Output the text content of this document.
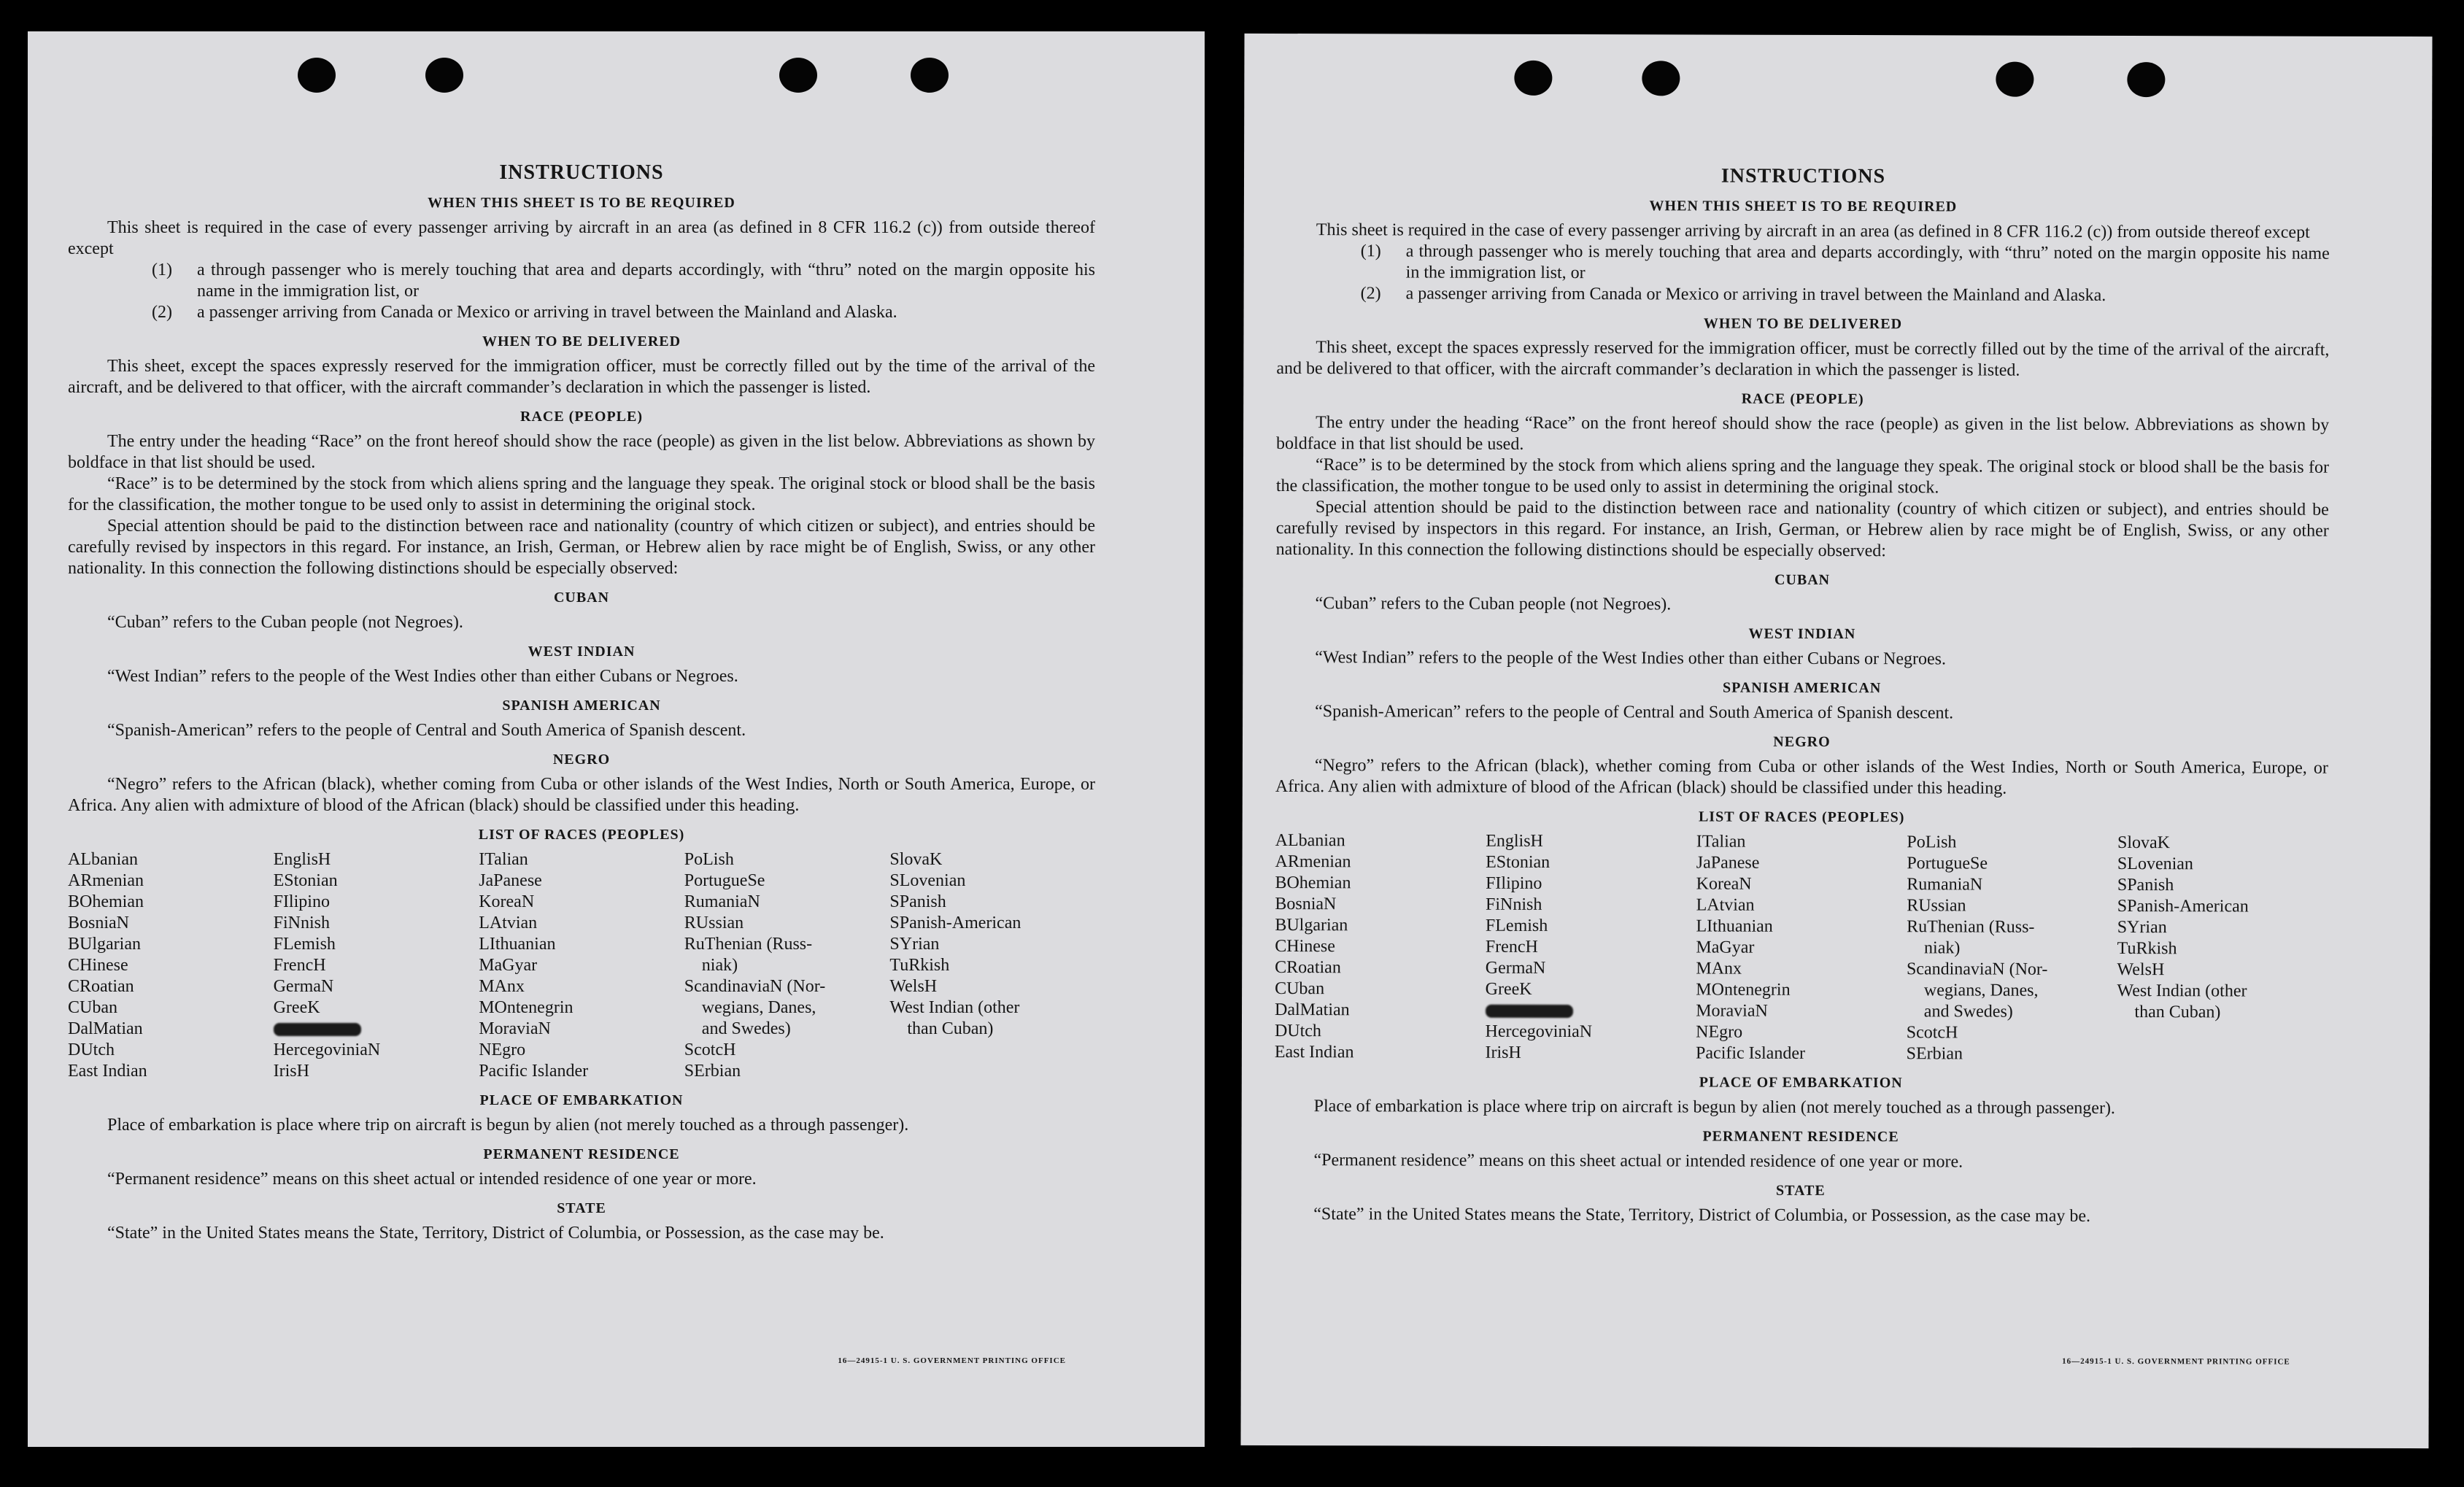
INSTRUCTIONS
WHEN THIS SHEET IS TO BE REQUIRED

This sheet is required in the case of every passenger arriving by aircraft in an area (as defined in 8 CFR 116.2 (c)) from outside thereof except

(1)	a through passenger who is merely touching that area and departs accordingly, with “thru” noted on the margin opposite his name in the immigration list, or
(2)	a passenger arriving from Canada or Mexico or arriving in travel between the Mainland and Alaska.
WHEN TO BE DELIVERED

This sheet, except the spaces expressly reserved for the immigration officer, must be correctly filled out by the time of the arrival of the aircraft, and be delivered to that officer, with the aircraft commander’s declaration in which the passenger is listed.

RACE (PEOPLE)

The entry under the heading “Race” on the front hereof should show the race (people) as given in the list below. Abbreviations as shown by boldface in that list should be used.

“Race” is to be determined by the stock from which aliens spring and the language they speak. The original stock or blood shall be the basis for the classification, the mother tongue to be used only to assist in determining the original stock.

Special attention should be paid to the distinction between race and nationality (country of which citizen or subject), and entries should be carefully revised by inspectors in this regard. For instance, an Irish, German, or Hebrew alien by race might be of English, Swiss, or any other nationality. In this connection the following distinctions should be especially observed:

CUBAN

“Cuban” refers to the Cuban people (not Negroes).

WEST INDIAN

“West Indian” refers to the people of the West Indies other than either Cubans or Negroes.

SPANISH AMERICAN

“Spanish-American” refers to the people of Central and South America of Spanish descent.

NEGRO

“Negro” refers to the African (black), whether coming from Cuba or other islands of the West Indies, North or South America, Europe, or Africa. Any alien with admixture of blood of the African (black) should be classified under this heading.

LIST OF RACES (PEOPLES)
ALbanian
ARmenian
BOhemian
BosniaN
BUlgarian
CHinese
CRoatian
CUban
DalMatian
DUtch
East Indian
EnglisH
EStonian
FIlipino
FiNnish
FLemish
FrencH
GermaN
GreeK
HercegoviniaN
IrisH
ITalian
JaPanese
KoreaN
LAtvian
LIthuanian
MaGyar
MAnx
MOntenegrin
MoraviaN
NEgro
Pacific Islander
PoLish
PortugueSe
RumaniaN
RUssian
RuThenian (Russ-
niak)
ScandinaviaN (Nor-
wegians, Danes,
and Swedes)
ScotcH
SErbian
SlovaK
SLovenian
SPanish
SPanish-American
SYrian
TuRkish
WelsH
West Indian (other
than Cuban)
PLACE OF EMBARKATION

Place of embarkation is place where trip on aircraft is begun by alien (not merely touched as a through passenger).

PERMANENT RESIDENCE

“Permanent residence” means on this sheet actual or intended residence of one year or more.

STATE

“State” in the United States means the State, Territory, District of Columbia, or Possession, as the case may be.

16—24915-1 U. S. GOVERNMENT PRINTING OFFICE
INSTRUCTIONS
WHEN THIS SHEET IS TO BE REQUIRED

This sheet is required in the case of every passenger arriving by aircraft in an area (as defined in 8 CFR 116.2 (c)) from outside thereof except

(1)	a through passenger who is merely touching that area and departs accordingly, with “thru” noted on the margin opposite his name in the immigration list, or
(2)	a passenger arriving from Canada or Mexico or arriving in travel between the Mainland and Alaska.
WHEN TO BE DELIVERED

This sheet, except the spaces expressly reserved for the immigration officer, must be correctly filled out by the time of the arrival of the aircraft, and be delivered to that officer, with the aircraft commander’s declaration in which the passenger is listed.

RACE (PEOPLE)

The entry under the heading “Race” on the front hereof should show the race (people) as given in the list below. Abbreviations as shown by boldface in that list should be used.

“Race” is to be determined by the stock from which aliens spring and the language they speak. The original stock or blood shall be the basis for the classification, the mother tongue to be used only to assist in determining the original stock.

Special attention should be paid to the distinction between race and nationality (country of which citizen or subject), and entries should be carefully revised by inspectors in this regard. For instance, an Irish, German, or Hebrew alien by race might be of English, Swiss, or any other nationality. In this connection the following distinctions should be especially observed:

CUBAN

“Cuban” refers to the Cuban people (not Negroes).

WEST INDIAN

“West Indian” refers to the people of the West Indies other than either Cubans or Negroes.

SPANISH AMERICAN

“Spanish-American” refers to the people of Central and South America of Spanish descent.

NEGRO

“Negro” refers to the African (black), whether coming from Cuba or other islands of the West Indies, North or South America, Europe, or Africa. Any alien with admixture of blood of the African (black) should be classified under this heading.

LIST OF RACES (PEOPLES)
ALbanian
ARmenian
BOhemian
BosniaN
BUlgarian
CHinese
CRoatian
CUban
DalMatian
DUtch
East Indian
EnglisH
EStonian
FIlipino
FiNnish
FLemish
FrencH
GermaN
GreeK
HercegoviniaN
IrisH
ITalian
JaPanese
KoreaN
LAtvian
LIthuanian
MaGyar
MAnx
MOntenegrin
MoraviaN
NEgro
Pacific Islander
PoLish
PortugueSe
RumaniaN
RUssian
RuThenian (Russ-
niak)
ScandinaviaN (Nor-
wegians, Danes,
and Swedes)
ScotcH
SErbian
SlovaK
SLovenian
SPanish
SPanish-American
SYrian
TuRkish
WelsH
West Indian (other
than Cuban)
PLACE OF EMBARKATION

Place of embarkation is place where trip on aircraft is begun by alien (not merely touched as a through passenger).

PERMANENT RESIDENCE

“Permanent residence” means on this sheet actual or intended residence of one year or more.

STATE

“State” in the United States means the State, Territory, District of Columbia, or Possession, as the case may be.

16—24915-1 U. S. GOVERNMENT PRINTING OFFICE
